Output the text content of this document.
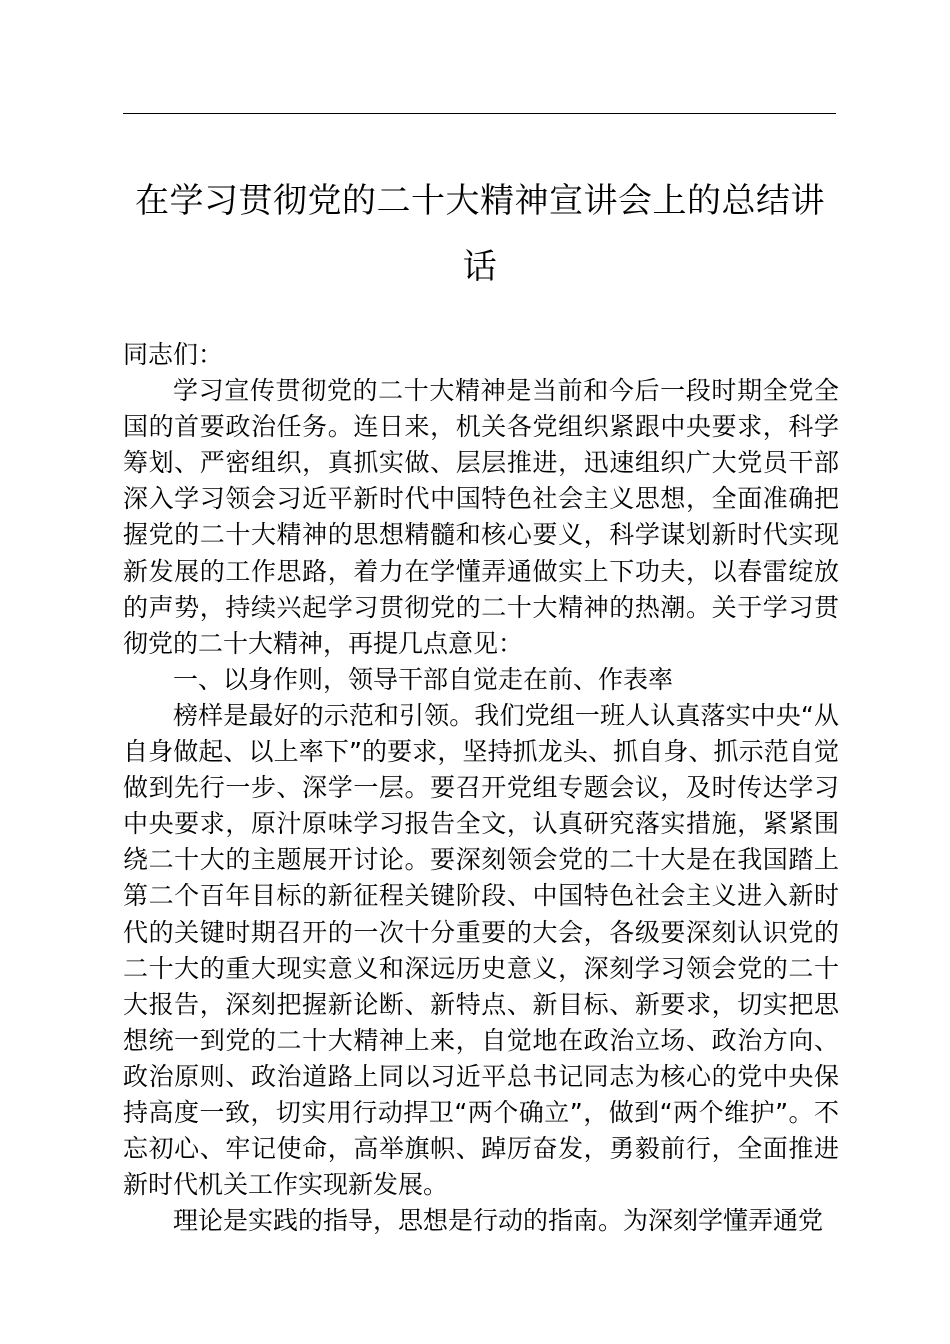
在学习贯彻党的二十大精神宣讲会上的总结讲话

同志们：

学习宣传贯彻党的二十大精神是当前和今后一段时期全党全国的首要政治任务。连日来，机关各党组织紧跟中央要求，科学筹划、严密组织，真抓实做、层层推进，迅速组织广大党员干部深入学习领会习近平新时代中国特色社会主义思想，全面准确把握党的二十大精神的思想精髓和核心要义，科学谋划新时代实现新发展的工作思路，着力在学懂弄通做实上下功夫，以春雷绽放的声势，持续兴起学习贯彻党的二十大精神的热潮。关于学习贯彻党的二十大精神，再提几点意见：

一、以身作则，领导干部自觉走在前、作表率

榜样是最好的示范和引领。我们党组一班人认真落实中央“从自身做起、以上率下”的要求，坚持抓龙头、抓自身、抓示范自觉做到先行一步、深学一层。要召开党组专题会议，及时传达学习中央要求，原汁原味学习报告全文，认真研究落实措施，紧紧围绕二十大的主题展开讨论。要深刻领会党的二十大是在我国踏上第二个百年目标的新征程关键阶段、中国特色社会主义进入新时代的关键时期召开的一次十分重要的大会，各级要深刻认识党的二十大的重大现实意义和深远历史意义，深刻学习领会党的二十大报告，深刻把握新论断、新特点、新目标、新要求，切实把思想统一到党的二十大精神上来，自觉地在政治立场、政治方向、政治原则、政治道路上同以习近平总书记同志为核心的党中央保持高度一致，切实用行动捍卫“两个确立”，做到“两个维护”。不忘初心、牢记使命，高举旗帜、踔厉奋发，勇毅前行，全面推进新时代机关工作实现新发展。

理论是实践的指导，思想是行动的指南。为深刻学懂弄通党
